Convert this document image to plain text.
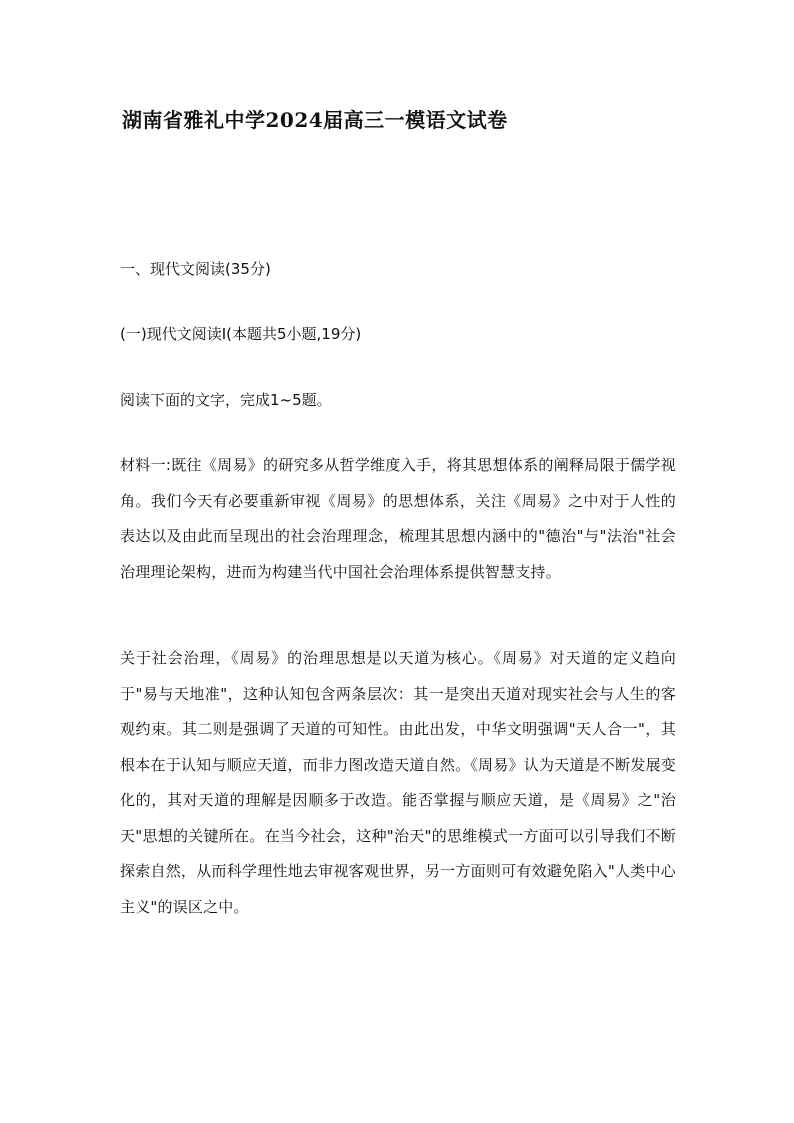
湖南省雅礼中学2024届高三一模语文试卷
一、现代文阅读(35分)
(一)现代文阅读Ⅰ(本题共5小题,19分)
阅读下面的文字，完成1~5题。
材料一:既往《周易》的研究多从哲学维度入手，将其思想体系的阐释局限于儒学视角。我们今天有必要重新审视《周易》的思想体系，关注《周易》之中对于人性的表达以及由此而呈现出的社会治理理念，梳理其思想内涵中的"德治"与"法治"社会治理理论架构，进而为构建当代中国社会治理体系提供智慧支持。
关于社会治理，《周易》的治理思想是以天道为核心。《周易》对天道的定义趋向于"易与天地准"，这种认知包含两条层次：其一是突出天道对现实社会与人生的客观约束。其二则是强调了天道的可知性。由此出发，中华文明强调"天人合一"，其根本在于认知与顺应天道，而非力图改造天道自然。《周易》认为天道是不断发展变化的，其对天道的理解是因顺多于改造。能否掌握与顺应天道，是《周易》之"治天"思想的关键所在。在当今社会，这种"治天"的思维模式一方面可以引导我们不断探索自然，从而科学理性地去审视客观世界，另一方面则可有效避免陷入"人类中心主义"的误区之中。
